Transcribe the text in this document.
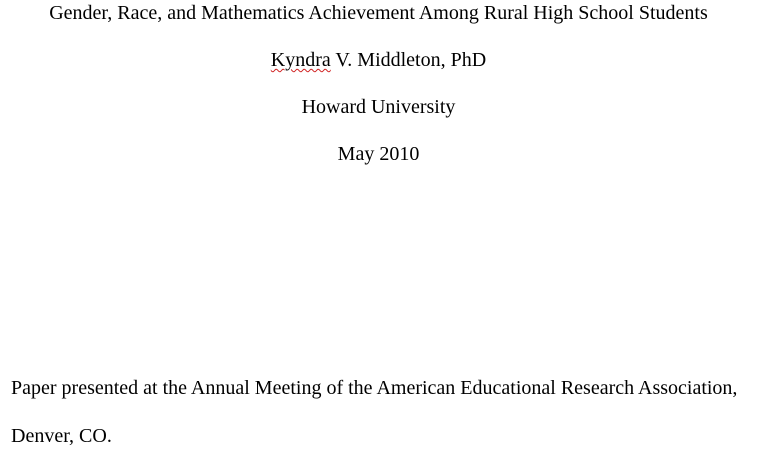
Gender, Race, and Mathematics Achievement Among Rural High School Students
Kyndra V. Middleton, PhD
Howard University
May 2010
Paper presented at the Annual Meeting of the American Educational Research Association,
Denver, CO.
